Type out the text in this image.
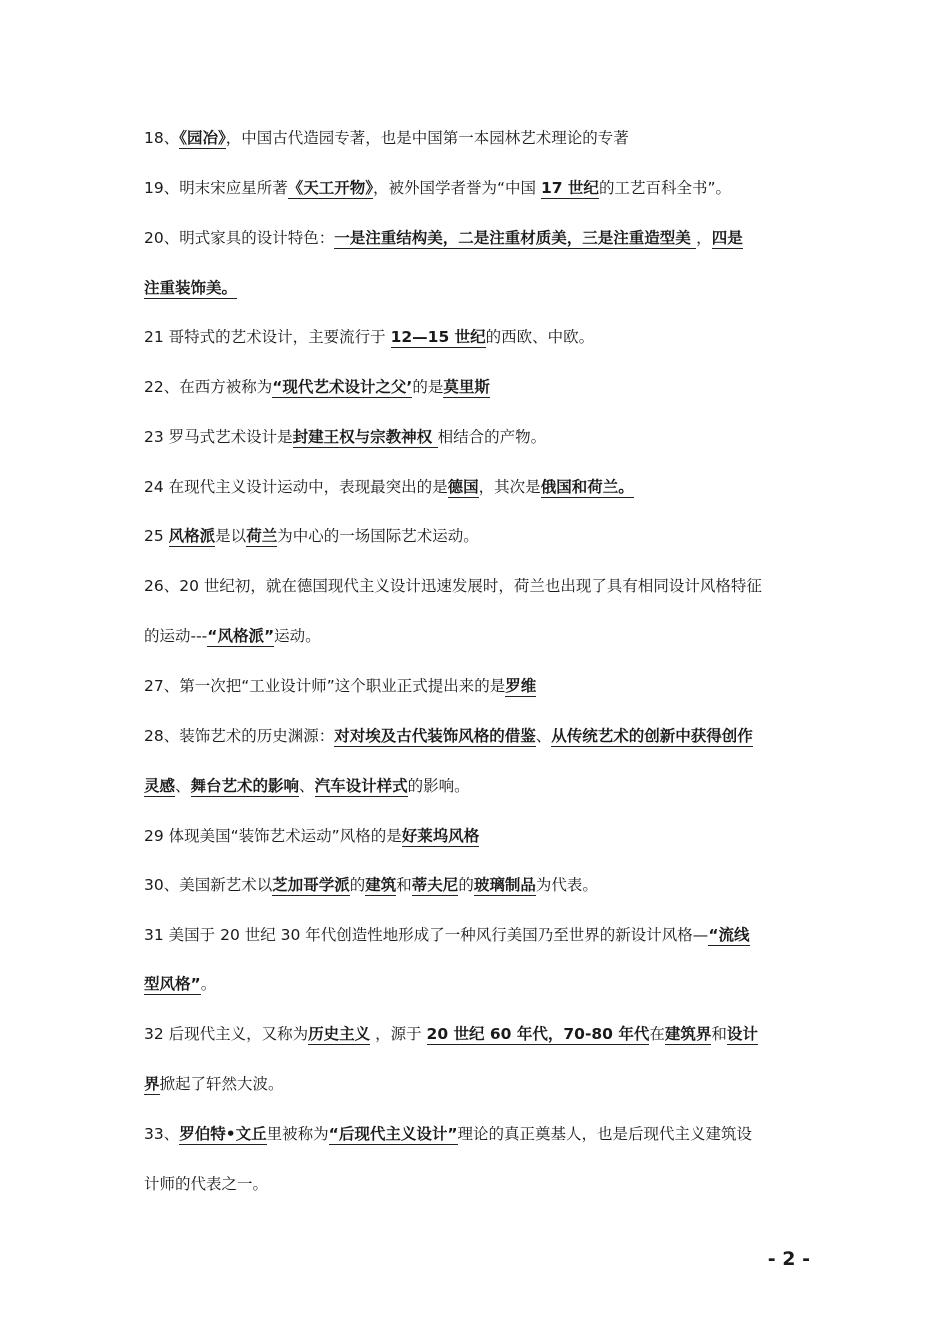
18、《园冶》，中国古代造园专著，也是中国第一本园林艺术理论的专著
19、明末宋应星所著《天工开物》，被外国学者誉为“中国 17 世纪的工艺百科全书”。
20、明式家具的设计特色：一是注重结构美，二是注重材质美，三是注重造型美 ，四是
注重装饰美。
21 哥特式的艺术设计，主要流行于 12—15 世纪的西欧、中欧。
22、在西方被称为“现代艺术设计之父’的是莫里斯
23 罗马式艺术设计是封建王权与宗教神权 相结合的产物。
24 在现代主义设计运动中，表现最突出的是德国，其次是俄国和荷兰。
25 风格派是以荷兰为中心的一场国际艺术运动。
26、20 世纪初，就在德国现代主义设计迅速发展时，荷兰也出现了具有相同设计风格特征
的运动---“风格派”运动。
27、第一次把“工业设计师”这个职业正式提出来的是罗维
28、装饰艺术的历史渊源：对对埃及古代装饰风格的借鉴、从传统艺术的创新中获得创作
灵感、舞台艺术的影响、汽车设计样式的影响。
29 体现美国“装饰艺术运动”风格的是好莱坞风格
30、美国新艺术以芝加哥学派的建筑和蒂夫尼的玻璃制品为代表。
31 美国于 20 世纪 30 年代创造性地形成了一种风行美国乃至世界的新设计风格—“流线
型风格”。
32 后现代主义，又称为历史主义 ，源于 20 世纪 60 年代，70-80 年代在建筑界和设计
界掀起了轩然大波。
33、罗伯特•文丘里被称为“后现代主义设计”理论的真正奠基人，也是后现代主义建筑设
计师的代表之一。
- 2 -
